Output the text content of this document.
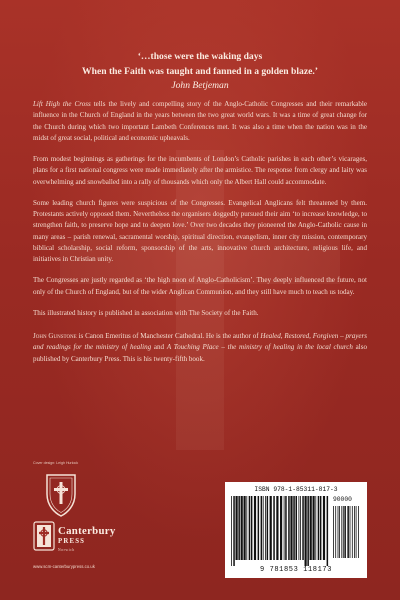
‘…those were the waking days
When the Faith was taught and fanned in a golden blaze.’

John Betjeman

Lift High the Cross tells the lively and compelling story of the Anglo-Catholic Congresses and their remarkable influence in the Church of England in the years between the two great world wars. It was a time of great change for the Church during which two important Lambeth Conferences met. It was also a time when the nation was in the midst of great social, political and economic upheavals.

From modest beginnings as gatherings for the incumbents of London’s Catholic parishes in each other’s vicarages, plans for a first national congress were made immediately after the armistice. The response from clergy and laity was overwhelming and snowballed into a rally of thousands which only the Albert Hall could accommodate.

Some leading church figures were suspicious of the Congresses. Evangelical Anglicans felt threatened by them. Protestants actively opposed them. Nevertheless the organisers doggedly pursued their aim ‘to increase knowledge, to strengthen faith, to preserve hope and to deepen love.’ Over two decades they pioneered the Anglo-Catholic cause in many areas – parish renewal, sacramental worship, spiritual direction, evangelism, inner city mission, contemporary biblical scholarship, social reform, sponsorship of the arts, innovative church architecture, religious life, and initiatives in Christian unity.

The Congresses are justly regarded as ‘the high noon of Anglo-Catholicism’. They deeply influenced the future, not only of the Church of England, but of the wider Anglican Communion, and they still have much to teach us today.

This illustrated history is published in association with The Society of the Faith.

John Gunstone is Canon Emeritus of Manchester Cathedral. He is the author of Healed, Restored, Forgiven – prayers and readings for the ministry of healing and A Touching Place – the ministry of healing in the local church also published by Canterbury Press. This is his twenty-fifth book.

Cover design: Leigh Hurlock
Canterbury
PRESS
Norwich
www.scm-canterburypress.co.uk
ISBN 978-1-85311-817-3
90000
9 781853 118173
